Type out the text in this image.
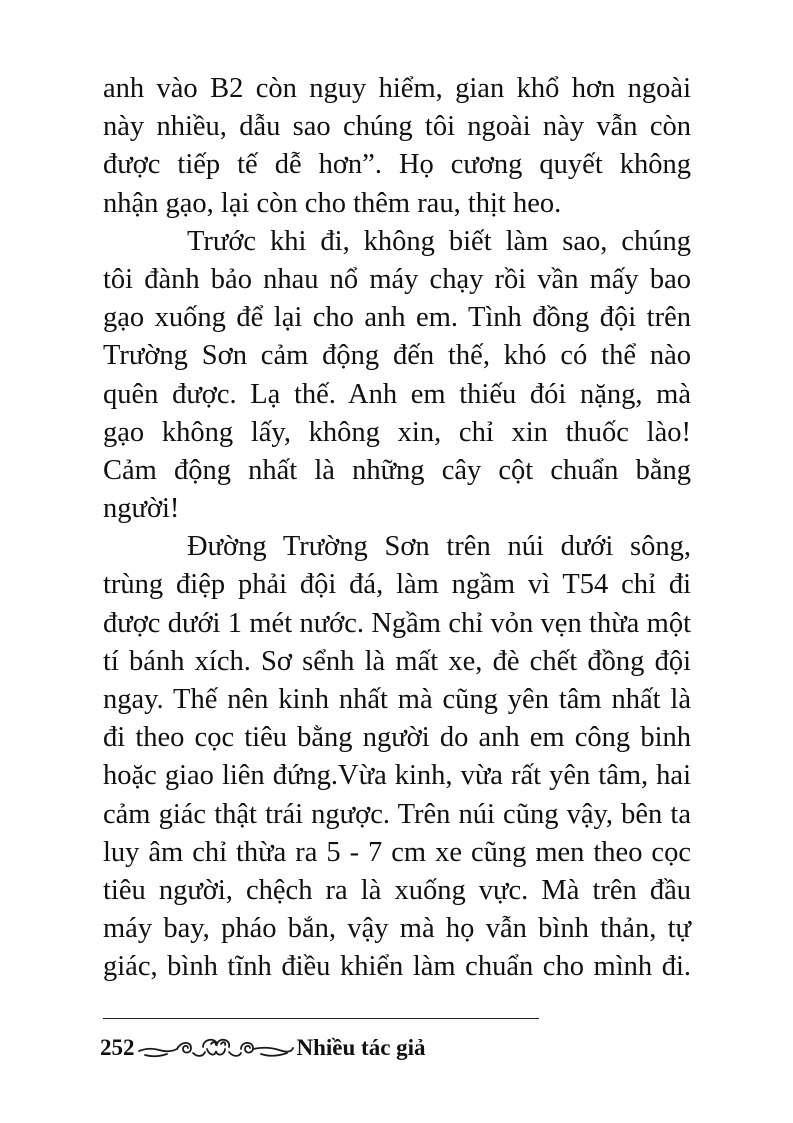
anh vào B2 còn nguy hiểm, gian khổ hơn ngoài
này nhiều, dẫu sao chúng tôi ngoài này vẫn còn
được tiếp tế dễ hơn”. Họ cương quyết không
nhận gạo, lại còn cho thêm rau, thịt heo.
Trước khi đi, không biết làm sao, chúng
tôi đành bảo nhau nổ máy chạy rồi vần mấy bao
gạo xuống để lại cho anh em. Tình đồng đội trên
Trường Sơn cảm động đến thế, khó có thể nào
quên được. Lạ thế. Anh em thiếu đói nặng, mà
gạo không lấy, không xin, chỉ xin thuốc lào!
Cảm động nhất là những cây cột chuẩn bằng
người!
Đường Trường Sơn trên núi dưới sông,
trùng điệp phải đội đá, làm ngầm vì T54 chỉ đi
được dưới 1 mét nước. Ngầm chỉ vỏn vẹn thừa một
tí bánh xích. Sơ sểnh là mất xe, đè chết đồng đội
ngay. Thế nên kinh nhất mà cũng yên tâm nhất là
đi theo cọc tiêu bằng người do anh em công binh
hoặc giao liên đứng.Vừa kinh, vừa rất yên tâm, hai
cảm giác thật trái ngược. Trên núi cũng vậy, bên ta
luy âm chỉ thừa ra 5 - 7 cm xe cũng men theo cọc
tiêu người, chệch ra là xuống vực. Mà trên đầu
máy bay, pháo bắn, vậy mà họ vẫn bình thản, tự
giác, bình tĩnh điều khiển làm chuẩn cho mình đi.
252	Nhiều tác giả
